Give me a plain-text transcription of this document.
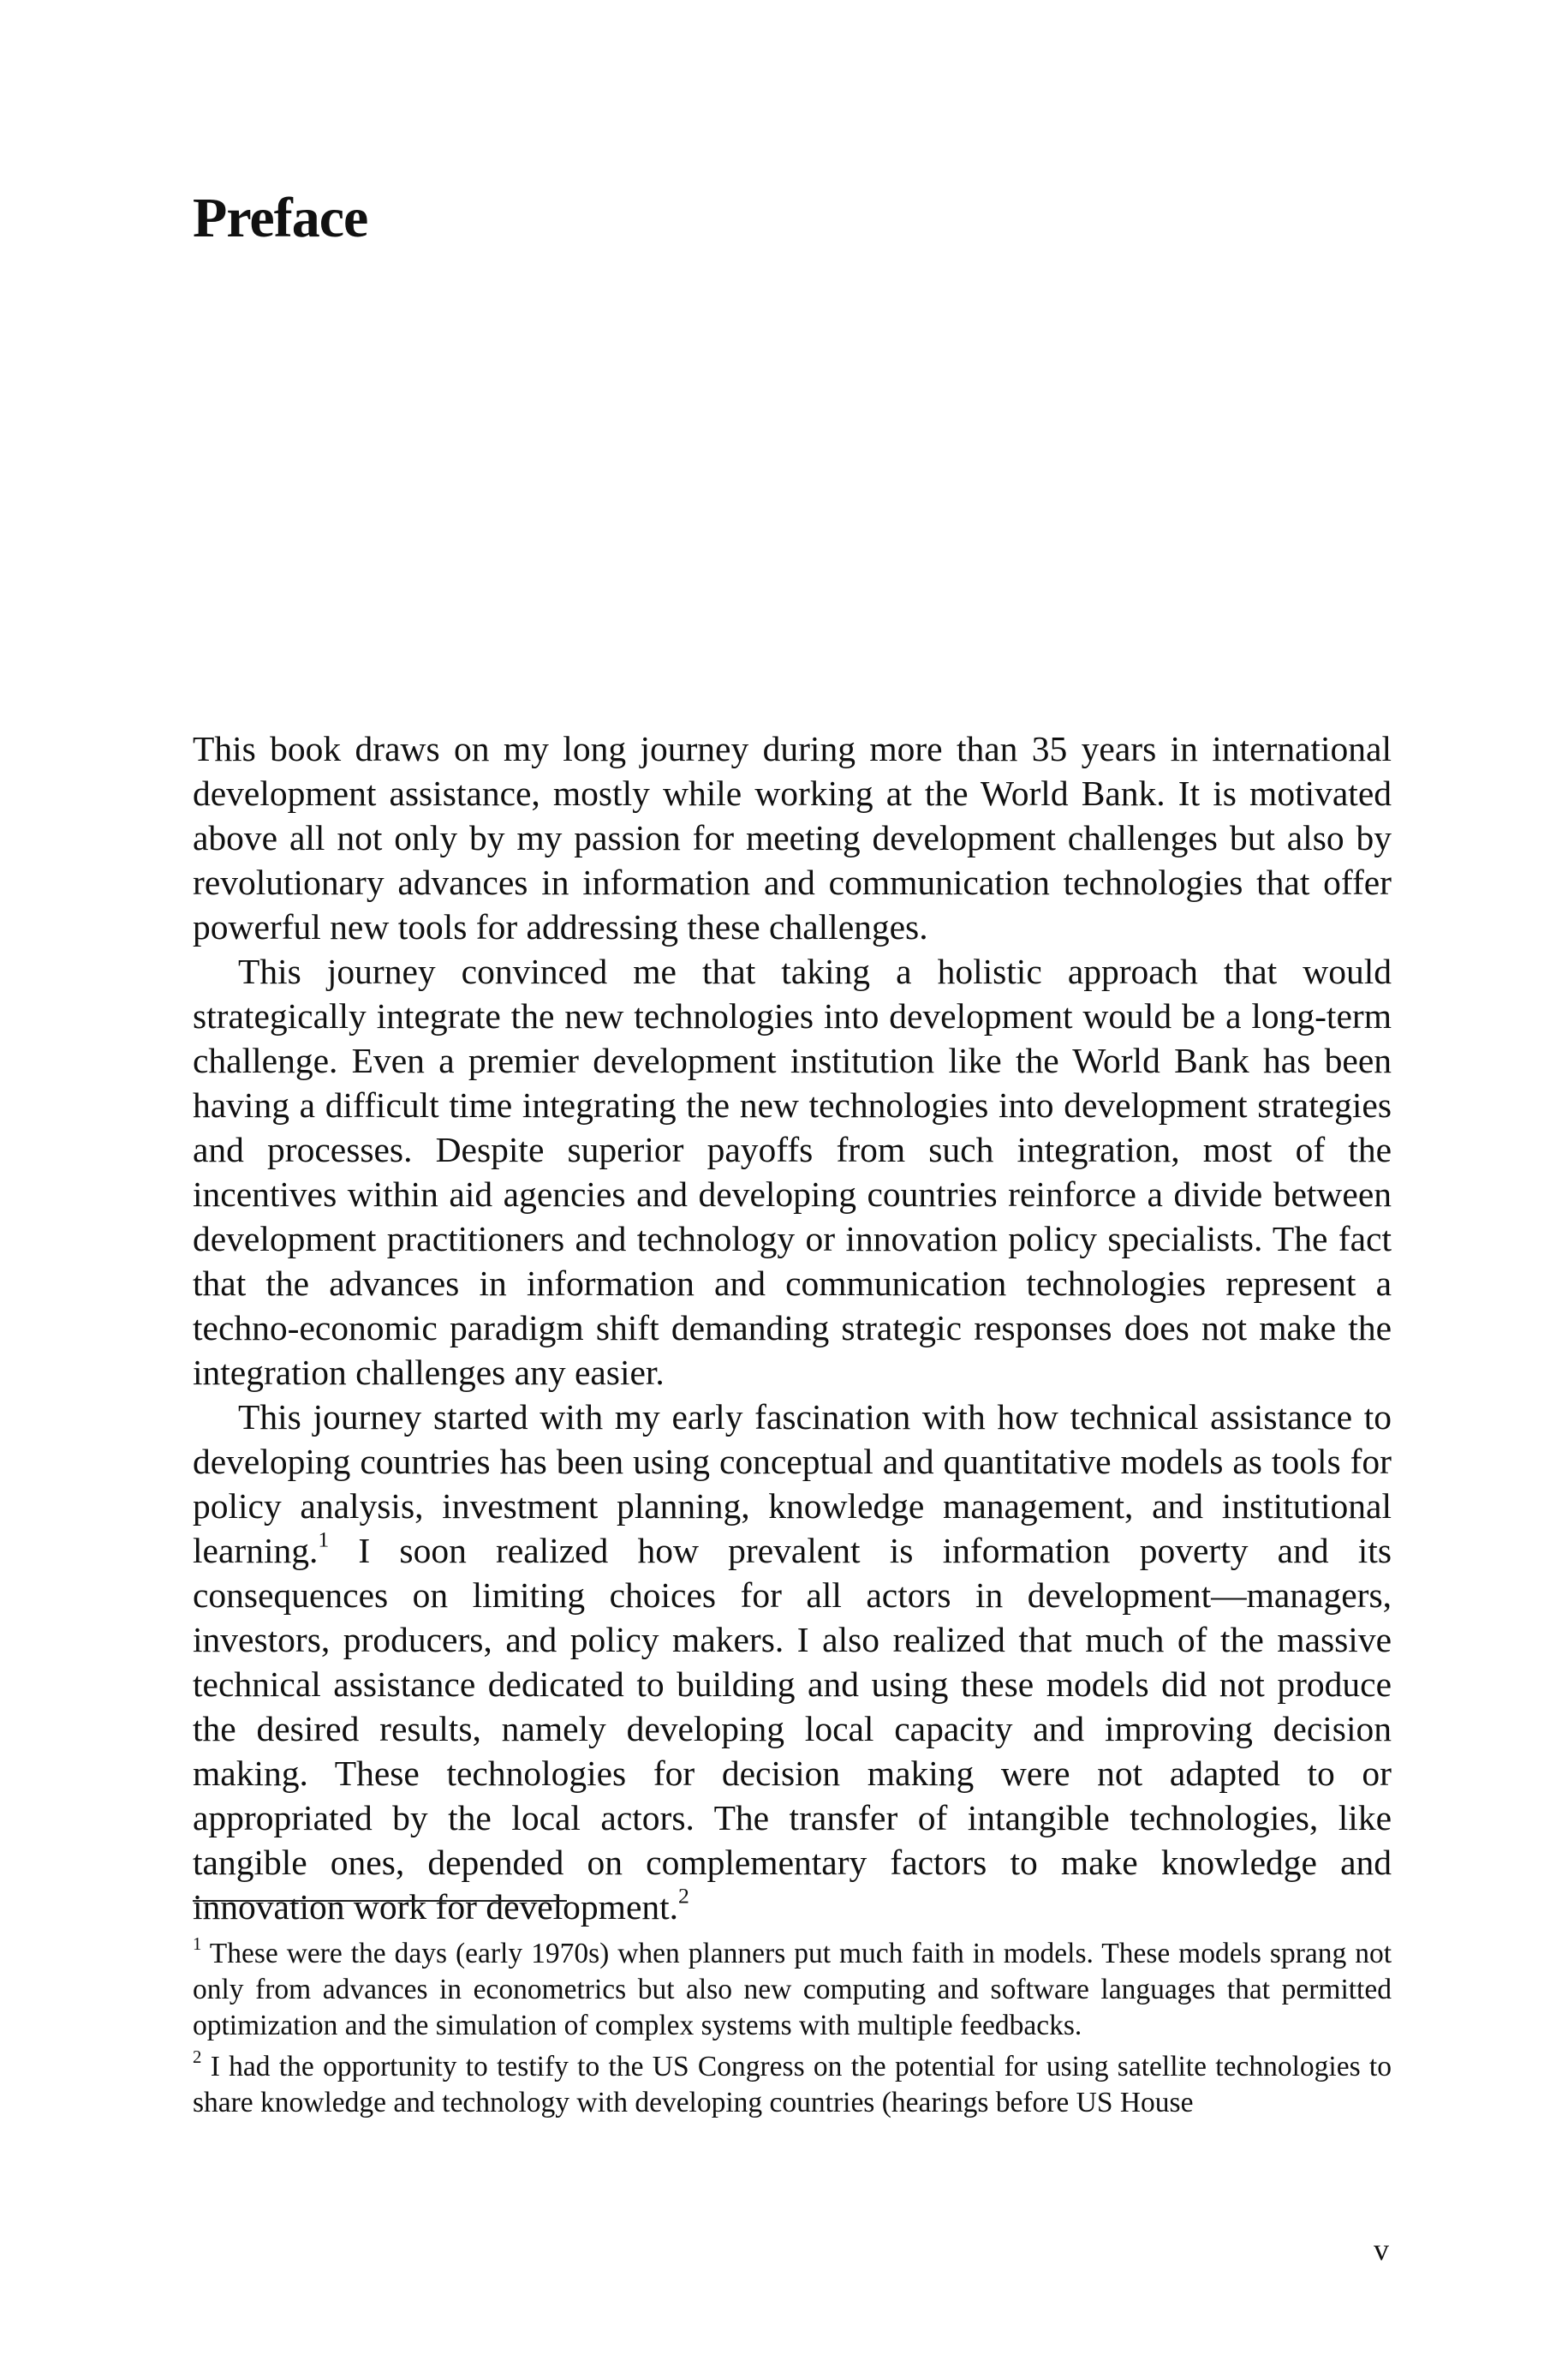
Preface

This book draws on my long journey during more than 35 years in international development assistance, mostly while working at the World Bank. It is motivated above all not only by my passion for meeting development challenges but also by revolutionary advances in information and communication technologies that offer powerful new tools for addressing these challenges.

This journey convinced me that taking a holistic approach that would strategically integrate the new technologies into development would be a long-term challenge. Even a premier development institution like the World Bank has been having a difficult time integrating the new technologies into development strategies and processes. Despite superior payoffs from such integration, most of the incentives within aid agencies and developing countries reinforce a divide between development practitioners and technology or innovation policy specialists. The fact that the advances in information and communication technologies represent a techno-economic paradigm shift demanding strategic responses does not make the integration challenges any easier.

This journey started with my early fascination with how technical assistance to developing countries has been using conceptual and quantitative models as tools for policy analysis, investment planning, knowledge management, and institutional learning.$^1$ I soon realized how prevalent is information poverty and its consequences on limiting choices for all actors in development—managers, investors, producers, and policy makers. I also realized that much of the massive technical assistance dedicated to building and using these models did not produce the desired results, namely developing local capacity and improving decision making. These technologies for decision making were not adapted to or appropriated by the local actors. The transfer of intangible technologies, like tangible ones, depended on complementary factors to make knowledge and innovation work for development.$^2$

$^1$ These were the days (early 1970s) when planners put much faith in models. These models sprang not only from advances in econometrics but also new computing and software languages that permitted optimization and the simulation of complex systems with multiple feedbacks.

$^2$ I had the opportunity to testify to the US Congress on the potential for using satellite technologies to share knowledge and technology with developing countries (hearings before US House

v
